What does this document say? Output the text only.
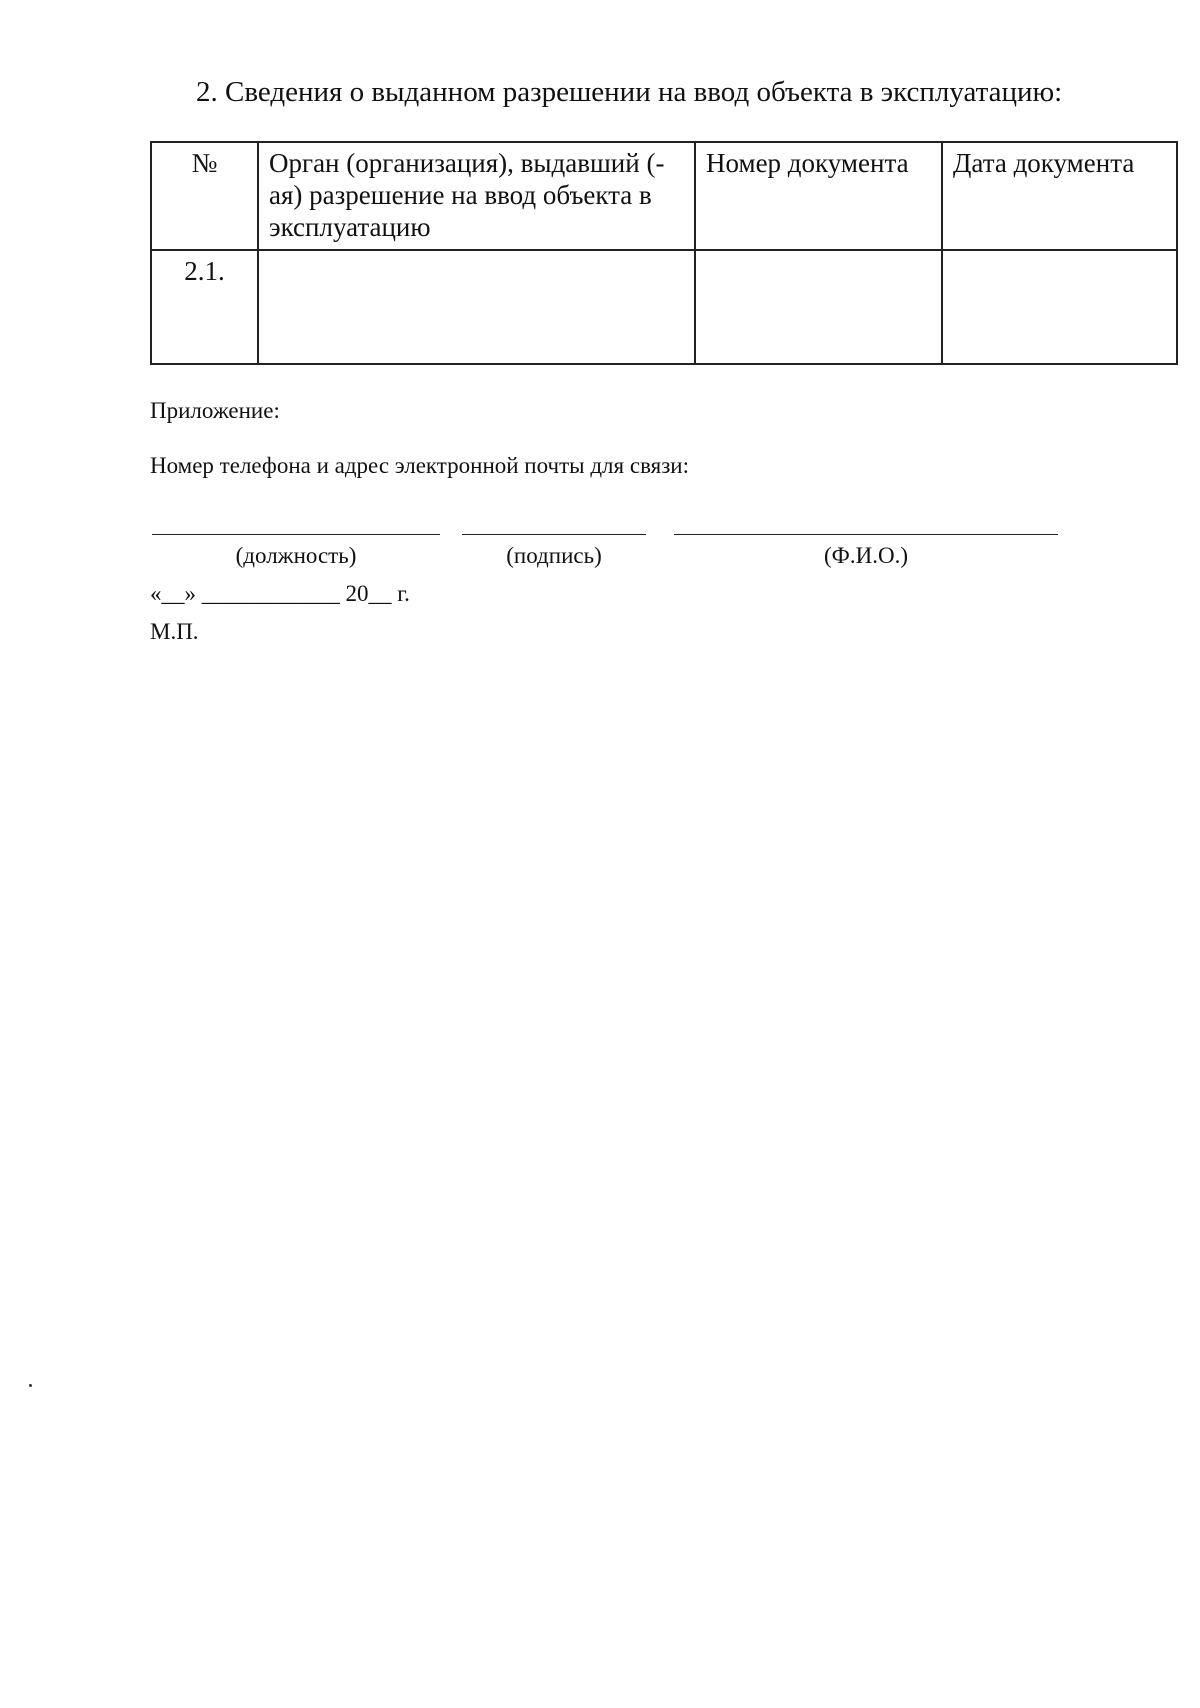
2. Сведения о выданном разрешении на ввод объекта в эксплуатацию:
№	Орган (организация), выдавший (-ая) разрешение на ввод объекта в эксплуатацию	Номер документа	Дата документа
2.1.			
Приложение:
Номер телефона и адрес электронной почты для связи:
(должность)	(подпись)	(Ф.И.О.)
«__» ____________ 20__ г.
М.П.
